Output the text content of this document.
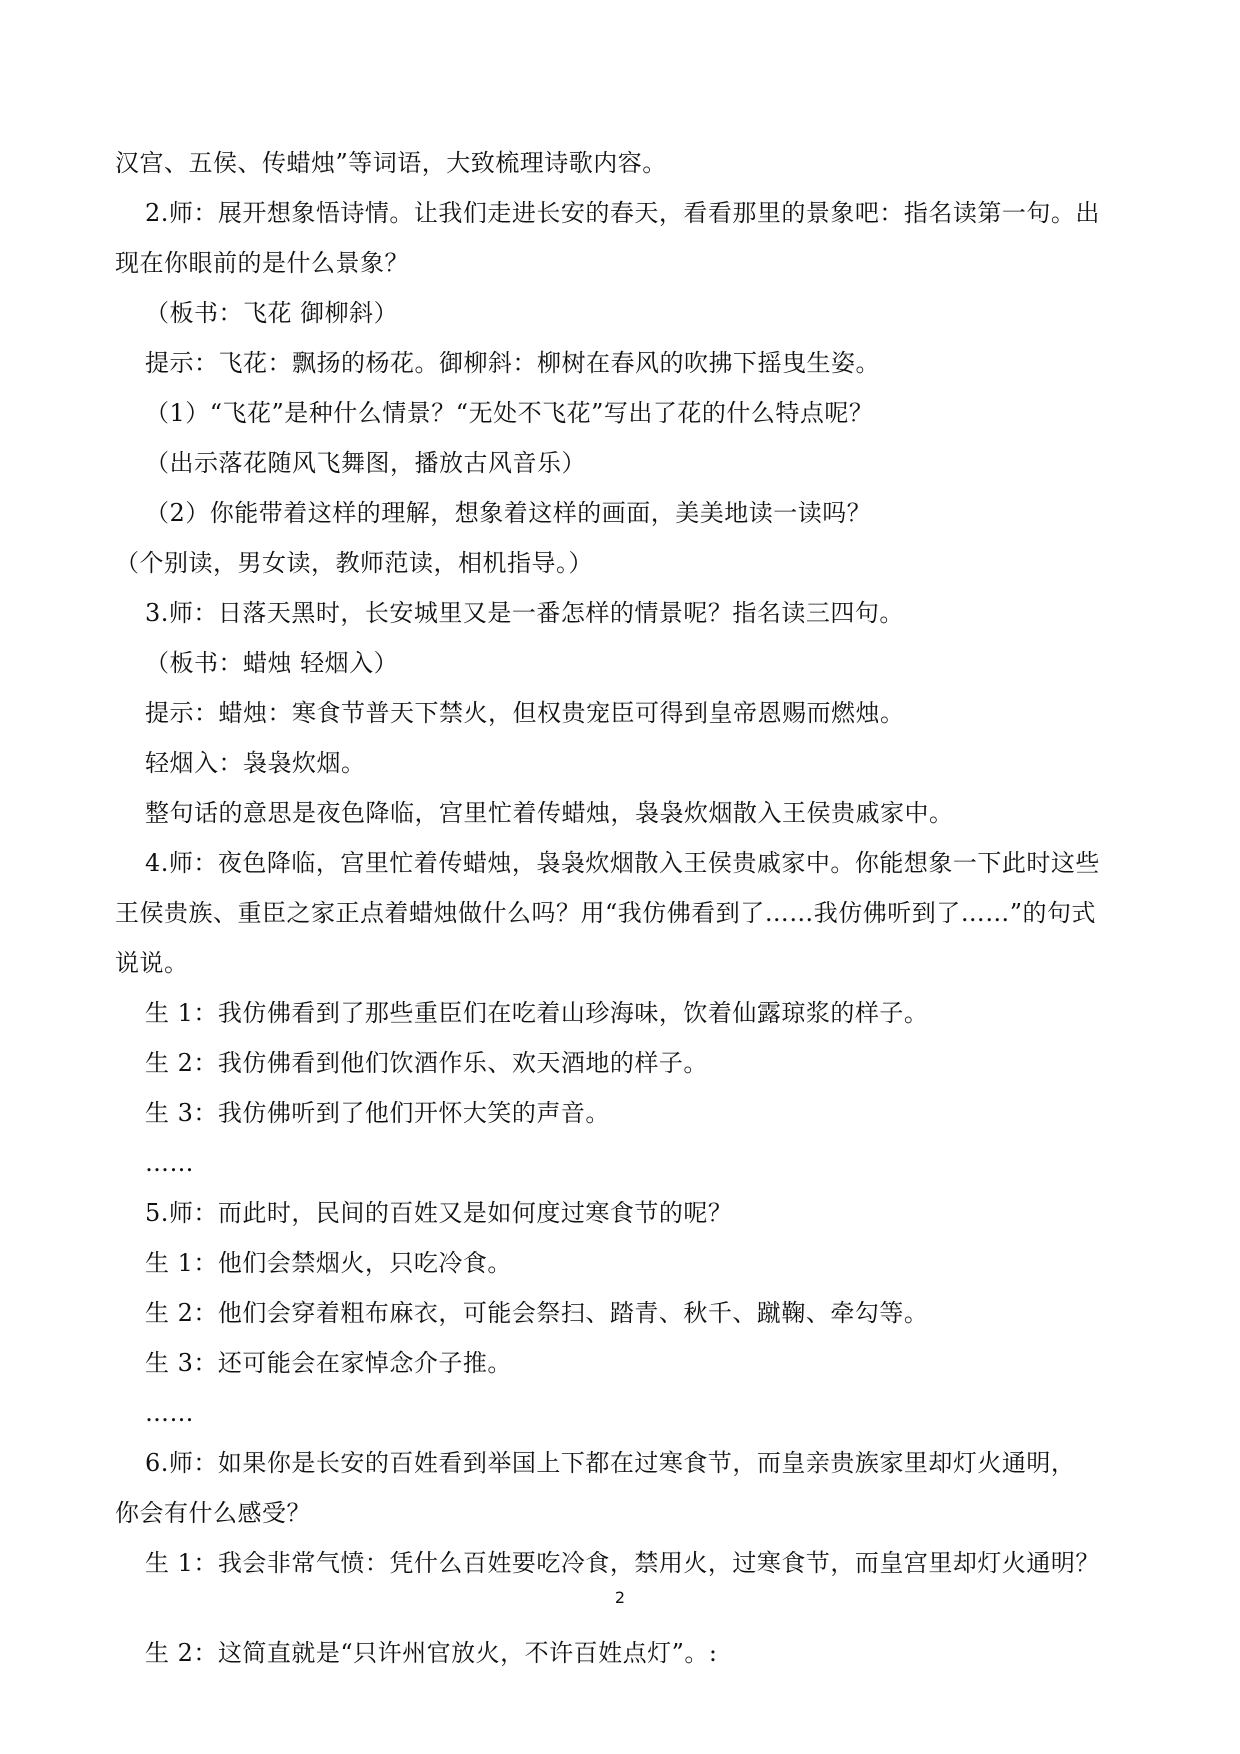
汉宫、五侯、传蜡烛”等词语，大致梳理诗歌内容。
2.师：展开想象悟诗情。让我们走进长安的春天，看看那里的景象吧：指名读第一句。出
现在你眼前的是什么景象？
（板书：飞花 御柳斜）
提示：飞花：飘扬的杨花。御柳斜：柳树在春风的吹拂下摇曳生姿。
（1）“飞花”是种什么情景？“无处不飞花”写出了花的什么特点呢？
（出示落花随风飞舞图，播放古风音乐）
（2）你能带着这样的理解，想象着这样的画面，美美地读一读吗？
（个别读，男女读，教师范读，相机指导。）
3.师：日落天黑时，长安城里又是一番怎样的情景呢？指名读三四句。
（板书：蜡烛 轻烟入）
提示：蜡烛：寒食节普天下禁火，但权贵宠臣可得到皇帝恩赐而燃烛。
轻烟入：袅袅炊烟。
整句话的意思是夜色降临，宫里忙着传蜡烛，袅袅炊烟散入王侯贵戚家中。
4.师：夜色降临，宫里忙着传蜡烛，袅袅炊烟散入王侯贵戚家中。你能想象一下此时这些
王侯贵族、重臣之家正点着蜡烛做什么吗？用“我仿佛看到了……我仿佛听到了……”的句式
说说。
生 1：我仿佛看到了那些重臣们在吃着山珍海味，饮着仙露琼浆的样子。
生 2：我仿佛看到他们饮酒作乐、欢天酒地的样子。
生 3：我仿佛听到了他们开怀大笑的声音。
……
5.师：而此时，民间的百姓又是如何度过寒食节的呢？
生 1：他们会禁烟火，只吃冷食。
生 2：他们会穿着粗布麻衣，可能会祭扫、踏青、秋千、蹴鞠、牵勾等。
生 3：还可能会在家悼念介子推。
……
6.师：如果你是长安的百姓看到举国上下都在过寒食节，而皇亲贵族家里却灯火通明，
你会有什么感受？
生 1：我会非常气愤：凭什么百姓要吃冷食，禁用火，过寒食节，而皇宫里却灯火通明？
生 2：这简直就是“只许州官放火，不许百姓点灯”。:
2
